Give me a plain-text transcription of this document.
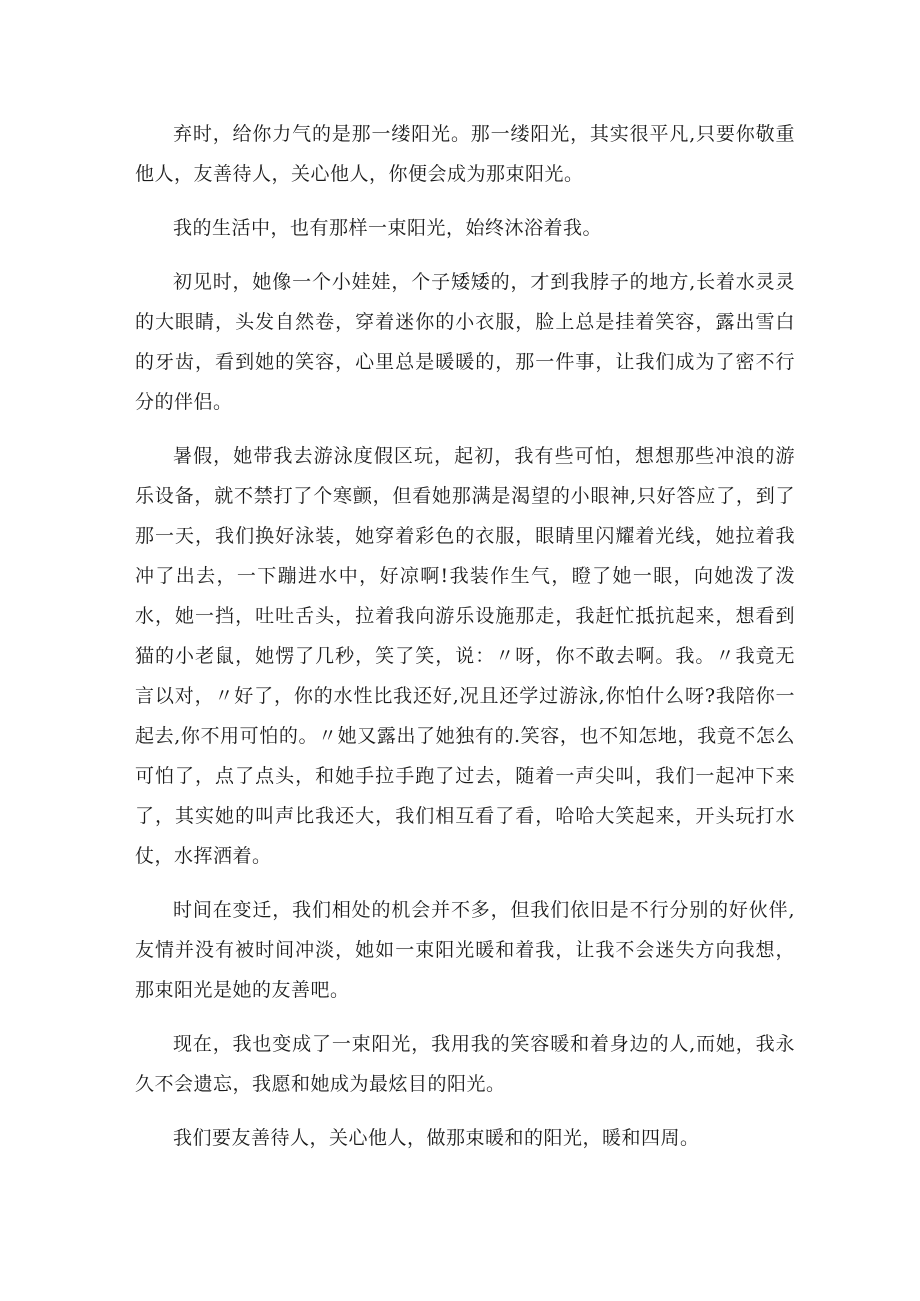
弃时，给你力气的是那一缕阳光。那一缕阳光，其实很平凡,只要你敬重他人，友善待人，关心他人，你便会成为那束阳光。

我的生活中，也有那样一束阳光，始终沐浴着我。

初见时，她像一个小娃娃，个子矮矮的，才到我脖子的地方,长着水灵灵的大眼睛，头发自然卷，穿着迷你的小衣服，脸上总是挂着笑容，露出雪白的牙齿，看到她的笑容，心里总是暖暖的，那一件事，让我们成为了密不行分的伴侣。

暑假，她带我去游泳度假区玩，起初，我有些可怕，想想那些冲浪的游乐设备，就不禁打了个寒颤，但看她那满是渴望的小眼神,只好答应了，到了那一天，我们换好泳装，她穿着彩色的衣服，眼睛里闪耀着光线，她拉着我冲了出去，一下蹦进水中，好凉啊!我装作生气，瞪了她一眼，向她泼了泼水，她一挡，吐吐舌头，拉着我向游乐设施那走，我赶忙抵抗起来，想看到猫的小老鼠，她愣了几秒，笑了笑，说：〃呀，你不敢去啊。我。〃我竟无言以对，〃好了，你的水性比我还好,况且还学过游泳,你怕什么呀?我陪你一起去,你不用可怕的。〃她又露出了她独有的.笑容，也不知怎地，我竟不怎么可怕了，点了点头，和她手拉手跑了过去，随着一声尖叫，我们一起冲下来了，其实她的叫声比我还大，我们相互看了看，哈哈大笑起来，开头玩打水仗，水挥洒着。

时间在变迁，我们相处的机会并不多，但我们依旧是不行分别的好伙伴,友情并没有被时间冲淡，她如一束阳光暖和着我，让我不会迷失方向我想，那束阳光是她的友善吧。

现在，我也变成了一束阳光，我用我的笑容暖和着身边的人,而她，我永久不会遗忘，我愿和她成为最炫目的阳光。

我们要友善待人，关心他人，做那束暖和的阳光，暖和四周。
